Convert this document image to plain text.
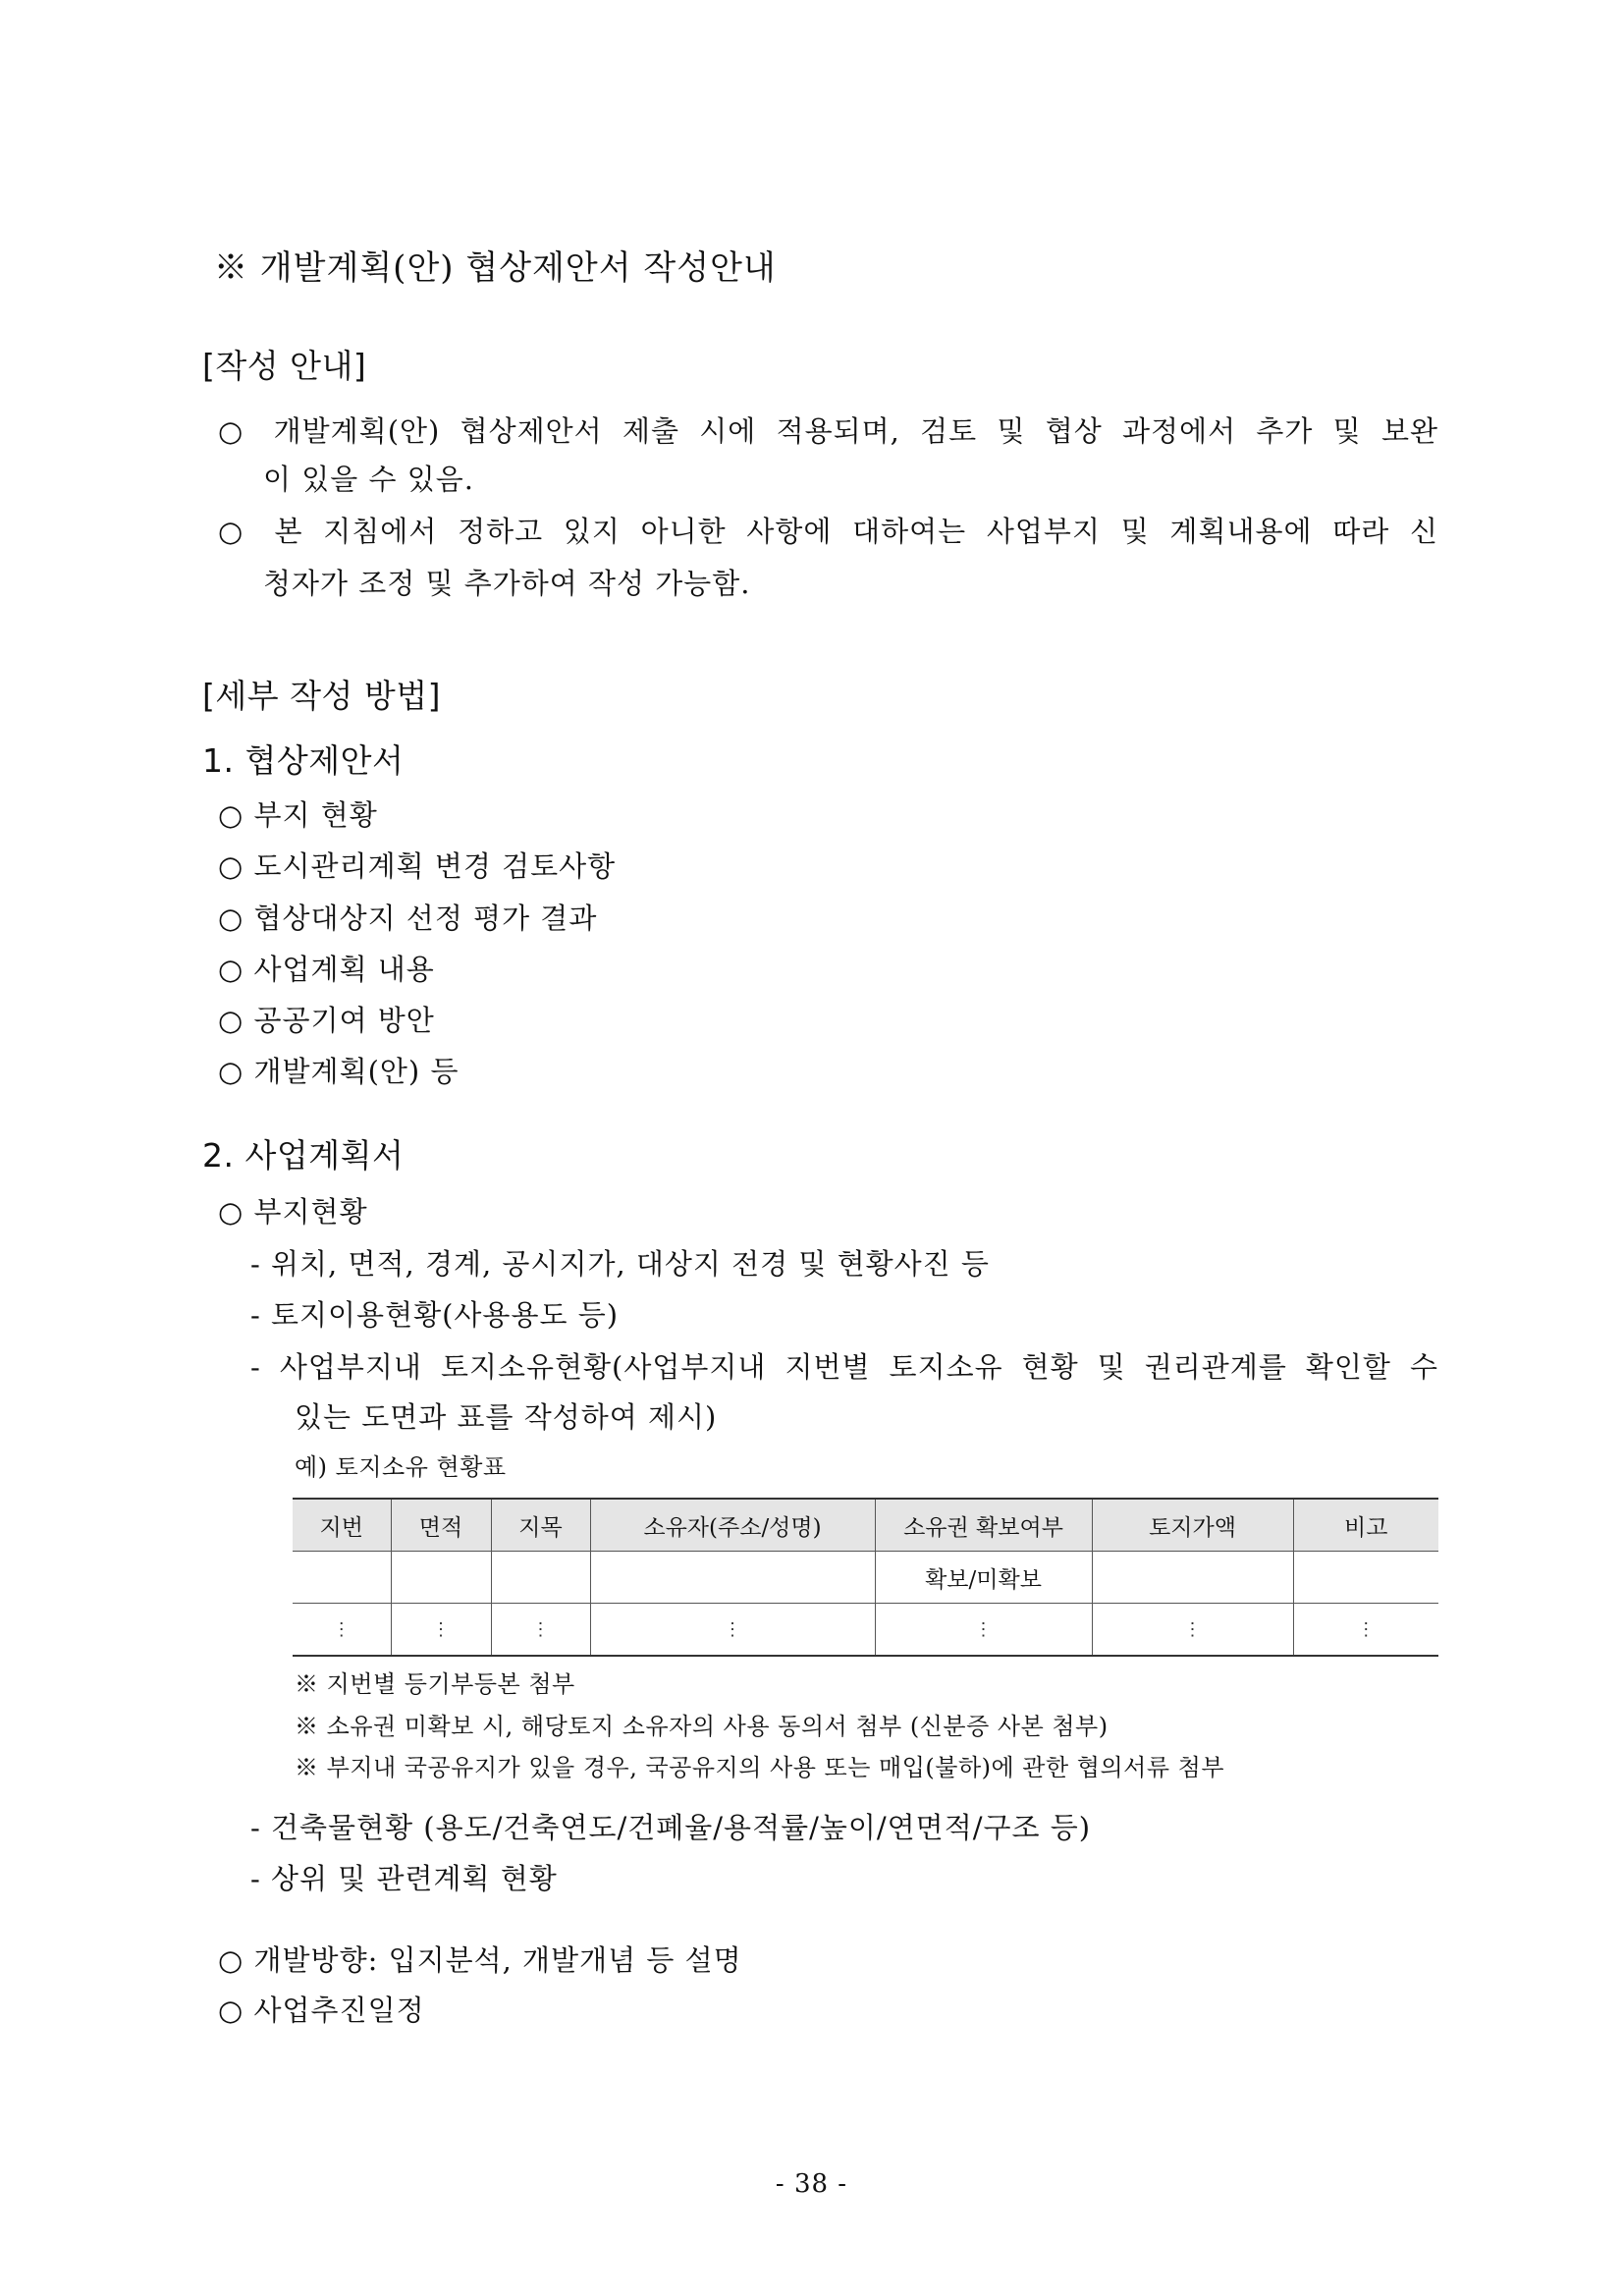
※ 개발계획(안) 협상제안서 작성안내
[작성 안내]
○ 개발계획(안) 협상제안서 제출 시에 적용되며, 검토 및 협상 과정에서 추가 및 보완
이 있을 수 있음.
○ 본 지침에서 정하고 있지 아니한 사항에 대하여는 사업부지 및 계획내용에 따라 신
청자가 조정 및 추가하여 작성 가능함.
[세부 작성 방법]
1. 협상제안서
○ 부지 현황
○ 도시관리계획 변경 검토사항
○ 협상대상지 선정 평가 결과
○ 사업계획 내용
○ 공공기여 방안
○ 개발계획(안) 등
2. 사업계획서
○ 부지현황
- 위치, 면적, 경계, 공시지가, 대상지 전경 및 현황사진 등
- 토지이용현황(사용용도 등)
- 사업부지내 토지소유현황(사업부지내 지번별 토지소유 현황 및 권리관계를 확인할 수
있는 도면과 표를 작성하여 제시)
예) 토지소유 현황표
지번	면적	지목	소유자(주소/성명)	소유권 확보여부	토지가액	비고
				확보/미확보		
⋮	⋮	⋮	⋮	⋮	⋮	⋮
※ 지번별 등기부등본 첨부
※ 소유권 미확보 시, 해당토지 소유자의 사용 동의서 첨부 (신분증 사본 첨부)
※ 부지내 국공유지가 있을 경우, 국공유지의 사용 또는 매입(불하)에 관한 협의서류 첨부
- 건축물현황 (용도/건축연도/건폐율/용적률/높이/연면적/구조 등)
- 상위 및 관련계획 현황
○ 개발방향: 입지분석, 개발개념 등 설명
○ 사업추진일정
- 38 -
